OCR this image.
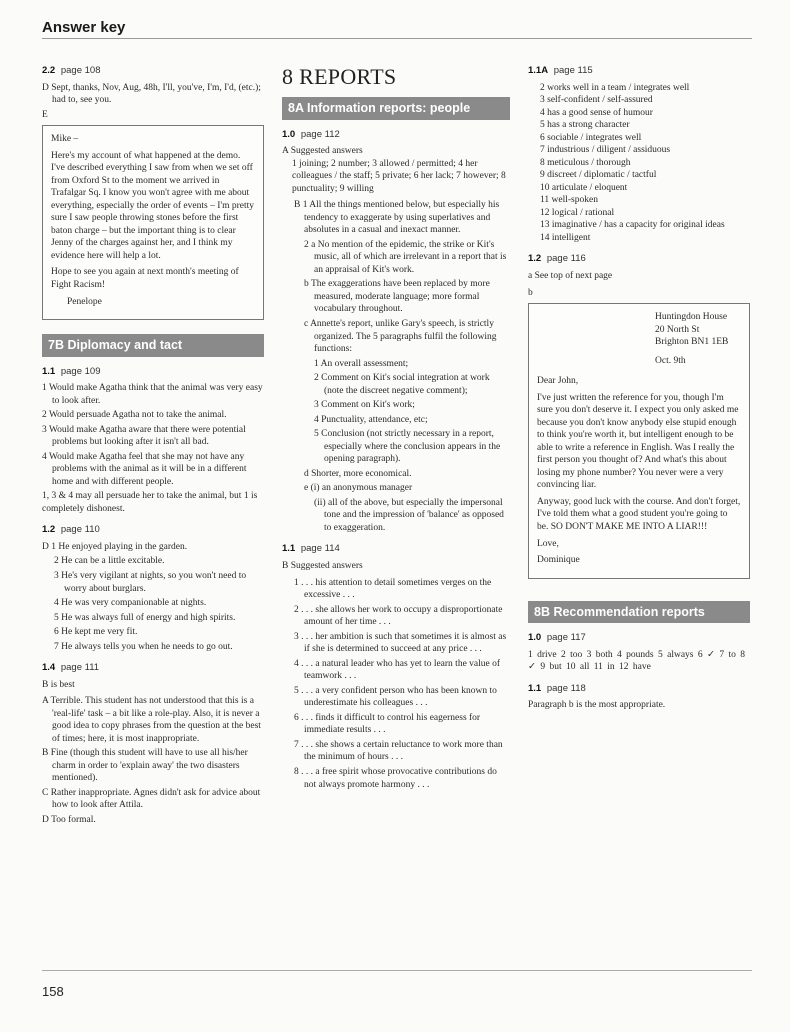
Answer key
2.2 page 108

D Sept, thanks, Nov, Aug, 48h, I'll, you've, I'm, I'd, (etc.); had to, see you.

E

Mike –

Here's my account of what happened at the demo. I've described everything I saw from when we set off from Oxford St to the moment we arrived in Trafalgar Sq. I know you won't agree with me about everything, especially the order of events – I'm pretty sure I saw people throwing stones before the first baton charge – but the important thing is to clear Jenny of the charges against her, and I think my evidence here will help a lot.

Hope to see you again at next month's meeting of Fight Racism!

Penelope

7B Diplomacy and tact
1.1 page 109

1 Would make Agatha think that the animal was very easy to look after.

2 Would persuade Agatha not to take the animal.

3 Would make Agatha aware that there were potential problems but looking after it isn't all bad.

4 Would make Agatha feel that she may not have any problems with the animal as it will be in a different home and with different people.

1, 3 & 4 may all persuade her to take the animal, but 1 is completely dishonest.

1.2 page 110

D 1 He enjoyed playing in the garden.

2 He can be a little excitable.

3 He's very vigilant at nights, so you won't need to worry about burglars.

4 He was very companionable at nights.

5 He was always full of energy and high spirits.

6 He kept me very fit.

7 He always tells you when he needs to go out.

1.4 page 111

B is best

A Terrible. This student has not understood that this is a 'real-life' task – a bit like a role-play. Also, it is never a good idea to copy phrases from the question at the best of times; here, it is most inappropriate.

B Fine (though this student will have to use all his/her charm in order to 'explain away' the two disasters mentioned).

C Rather inappropriate. Agnes didn't ask for advice about how to look after Attila.

D Too formal.

8 REPORTS
8A Information reports: people
1.0 page 112

A Suggested answers

1 joining; 2 number; 3 allowed / permitted; 4 her colleagues / the staff; 5 private; 6 her lack; 7 however; 8 punctuality; 9 willing

B 1 All the things mentioned below, but especially his tendency to exaggerate by using superlatives and absolutes in a casual and inexact manner.

2 a No mention of the epidemic, the strike or Kit's music, all of which are irrelevant in a report that is an appraisal of Kit's work.

b The exaggerations have been replaced by more measured, moderate language; more formal vocabulary throughout.

c Annette's report, unlike Gary's speech, is strictly organized. The 5 paragraphs fulfil the following functions:

1 An overall assessment;

2 Comment on Kit's social integration at work (note the discreet negative comment);

3 Comment on Kit's work;

4 Punctuality, attendance, etc;

5 Conclusion (not strictly necessary in a report, especially where the conclusion appears in the opening paragraph).

d Shorter, more economical.

e (i) an anonymous manager

(ii) all of the above, but especially the impersonal tone and the impression of 'balance' as opposed to exaggeration.

1.1 page 114

B Suggested answers

1 . . . his attention to detail sometimes verges on the excessive . . .

2 . . . she allows her work to occupy a disproportionate amount of her time . . .

3 . . . her ambition is such that sometimes it is almost as if she is determined to succeed at any price . . .

4 . . . a natural leader who has yet to learn the value of teamwork . . .

5 . . . a very confident person who has been known to underestimate his colleagues . . .

6 . . . finds it difficult to control his eagerness for immediate results . . .

7 . . . she shows a certain reluctance to work more than the minimum of hours . . .

8 . . . a free spirit whose provocative contributions do not always promote harmony . . .

1.1A page 115

2 works well in a team / integrates well

3 self-confident / self-assured

4 has a good sense of humour

5 has a strong character

6 sociable / integrates well

7 industrious / diligent / assiduous

8 meticulous / thorough

9 discreet / diplomatic / tactful

10 articulate / eloquent

11 well-spoken

12 logical / rational

13 imaginative / has a capacity for original ideas

14 intelligent

1.2 page 116

a See top of next page

b

Huntingdon House
20 North St
Brighton BN1 1EB
Oct. 9th

Dear John,

I've just written the reference for you, though I'm sure you don't deserve it. I expect you only asked me because you don't know anybody else stupid enough to think you're worth it, but intelligent enough to be able to write a reference in English. Was I really the first person you thought of? And what's this about losing my phone number? You never were a very convincing liar.

Anyway, good luck with the course. And don't forget, I've told them what a good student you're going to be. SO DON'T MAKE ME INTO A LIAR!!!

Love,

Dominique

8B Recommendation reports
1.0 page 117

1 drive 2 too 3 both 4 pounds 5 always 6 ✓ 7 to 8 ✓ 9 but 10 all 11 in 12 have

1.1 page 118

Paragraph b is the most appropriate.

158
